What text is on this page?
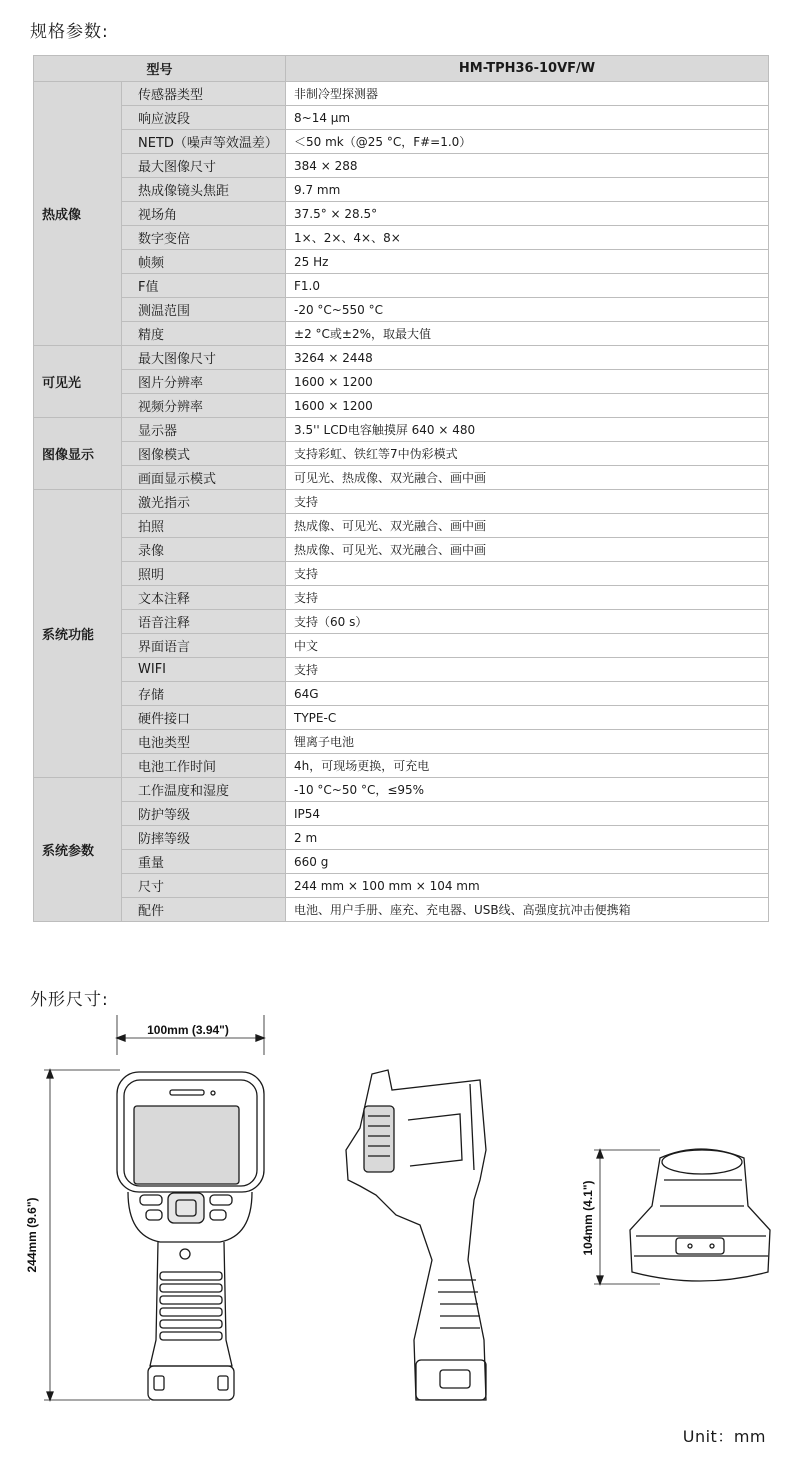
规格参数:
型号		HM-TPH36-10VF/W
热成像	传感器类型	非制冷型探测器
	响应波段	8~14 μm
	NETD（噪声等效温差）	＜50 mk（@25 °C，F#=1.0）
	最大图像尺寸	384 × 288
	热成像镜头焦距	9.7 mm
	视场角	37.5° × 28.5°
	数字变倍	1×、2×、4×、8×
	帧频	25 Hz
	F值	F1.0
	测温范围	-20 °C~550 °C
	精度	±2 °C或±2%，取最大值
可见光	最大图像尺寸	3264 × 2448
	图片分辨率	1600 × 1200
	视频分辨率	1600 × 1200
图像显示	显示器	3.5'' LCD电容触摸屏 640 × 480
	图像模式	支持彩虹、铁红等7中伪彩模式
	画面显示模式	可见光、热成像、双光融合、画中画
系统功能	激光指示	支持
	拍照	热成像、可见光、双光融合、画中画
	录像	热成像、可见光、双光融合、画中画
	照明	支持
	文本注释	支持
	语音注释	支持（60 s）
	界面语言	中文
	WIFI	支持
	存储	64G
	硬件接口	TYPE-C
	电池类型	锂离子电池
	电池工作时间	4h，可现场更换，可充电
系统参数	工作温度和湿度	-10 °C~50 °C，≤95%
	防护等级	IP54
	防摔等级	2 m
	重量	660 g
	尺寸	244 mm × 100 mm × 104 mm
	配件	电池、用户手册、座充、充电器、USB线、高强度抗冲击便携箱
外形尺寸:
100mm (3.94")
244mm (9.6")	104mm (4.1")
Unit：mm
